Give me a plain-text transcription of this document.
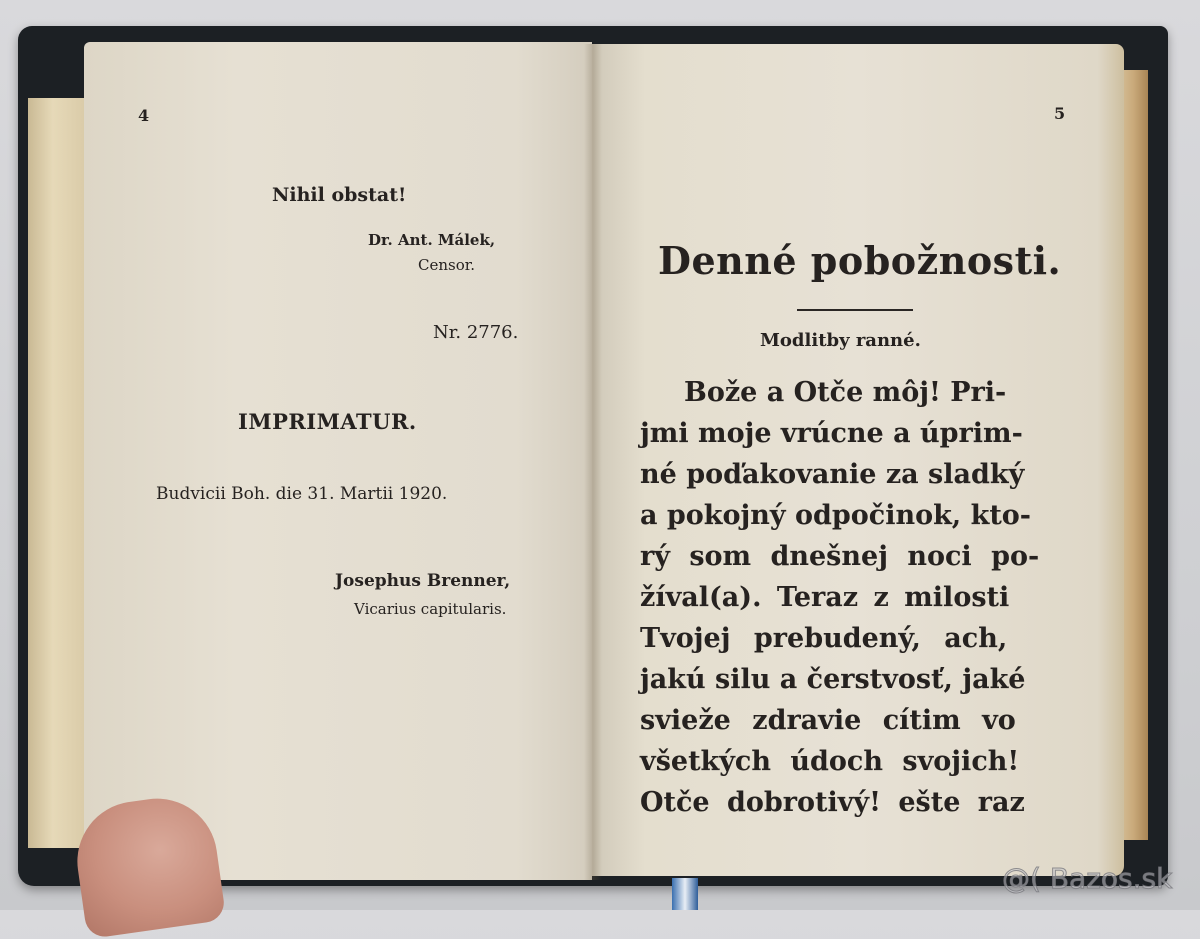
4
Nihil obstat!
Dr. Ant. Málek,
Censor.
Nr. 2776.
IMPRIMATUR.
Budvicii Boh. die 31. Martii 1920.
Josephus Brenner,
Vicarius capitularis.
5
Denné pobožnosti.
Modlitby ranné.
Bože a Otče môj! Pri-
jmi moje vrúcne a úprim-
né poďakovanie za sladký
a pokojný odpočinok, kto-
rý som dnešnej noci po-
žíval(a). Teraz z milosti
Tvojej prebudený, ach,
jakú silu a čerstvosť, jaké
svieže zdravie cítim vo
všetkých údoch svojich!
Otče dobrotivý! ešte raz
@( Bazos.sk
